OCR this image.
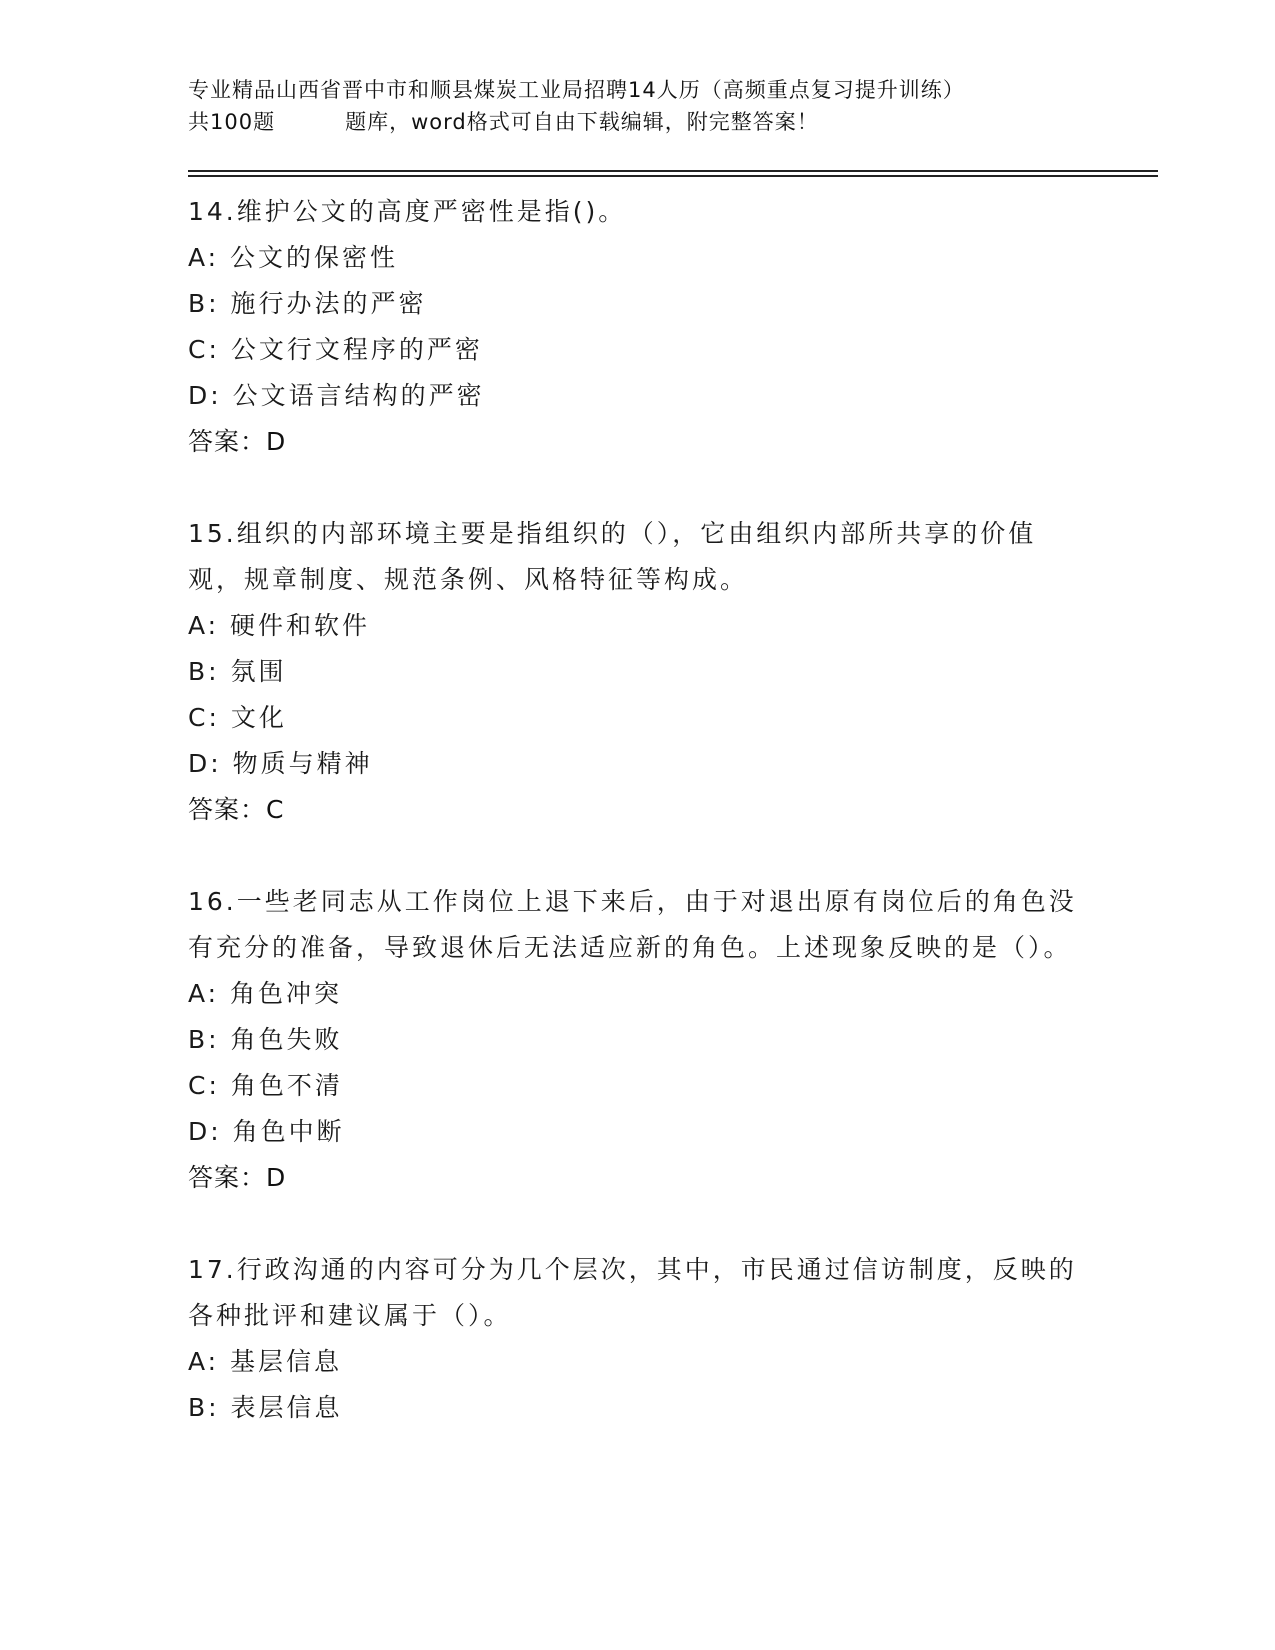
专业精品山西省晋中市和顺县煤炭工业局招聘14人历（高频重点复习提升训练）
共100题	题库，word格式可自由下载编辑，附完整答案！
14.维护公文的高度严密性是指()。
A: 公文的保密性
B: 施行办法的严密
C: 公文行文程序的严密
D: 公文语言结构的严密
答案：D
15.组织的内部环境主要是指组织的（），它由组织内部所共享的价值观，规章制度、规范条例、风格特征等构成。
A: 硬件和软件
B: 氛围
C: 文化
D: 物质与精神
答案：C
16.一些老同志从工作岗位上退下来后，由于对退出原有岗位后的角色没有充分的准备，导致退休后无法适应新的角色。上述现象反映的是（）。
A: 角色冲突
B: 角色失败
C: 角色不清
D: 角色中断
答案：D
17.行政沟通的内容可分为几个层次，其中，市民通过信访制度，反映的各种批评和建议属于（）。
A: 基层信息
B: 表层信息
